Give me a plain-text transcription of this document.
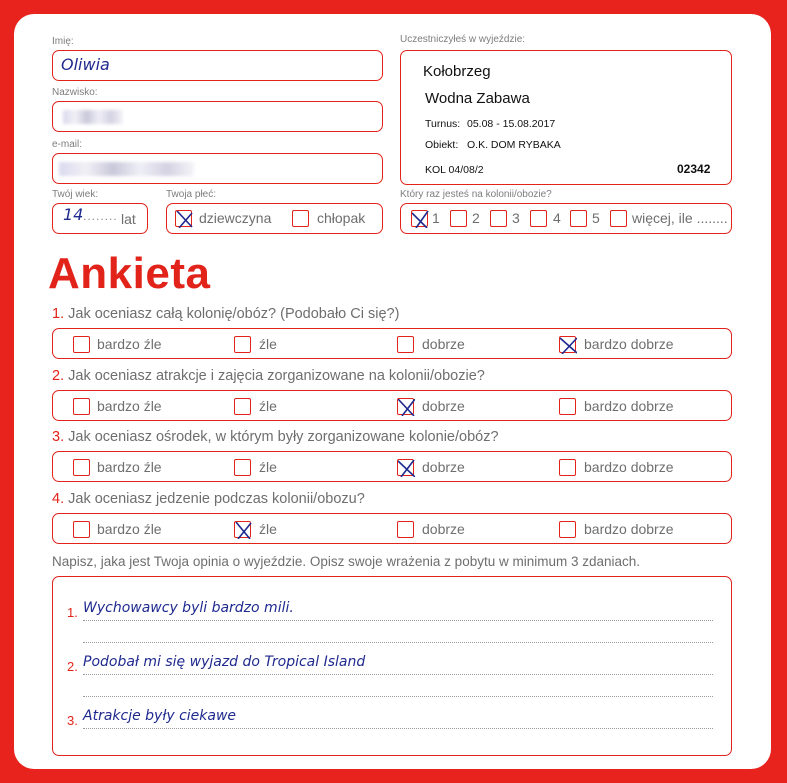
Imię:
Oliwia
Nazwisko:
e-mail:
Twój wiek:
14 ........ lat
Twoja płeć:
dziewczyna	chłopak
Uczestniczyłeś w wyjeździe:
Kołobrzeg
Wodna Zabawa
Turnus: 05.08 - 15.08.2017
Obiekt: O.K. DOM RYBAKA
KOL 04/08/2	02342
Który raz jesteś na kolonii/obozie?
1 2 3 4 5 więcej, ile ........
Ankieta
1. Jak oceniasz całą kolonię/obóz? (Podobało Ci się?)
bardzo źle	źle	dobrze	bardzo dobrze
2. Jak oceniasz atrakcje i zajęcia zorganizowane na kolonii/obozie?
bardzo źle	źle	dobrze	bardzo dobrze
3. Jak oceniasz ośrodek, w którym były zorganizowane kolonie/obóz?
bardzo źle	źle	dobrze	bardzo dobrze
4. Jak oceniasz jedzenie podczas kolonii/obozu?
bardzo źle	źle	dobrze	bardzo dobrze
Napisz, jaka jest Twoja opinia o wyjeździe. Opisz swoje wrażenia z pobytu w minimum 3 zdaniach.
1. Wychowawcy byli bardzo mili.
2. Podobał mi się wyjazd do Tropical Island
3. Atrakcje były ciekawe
